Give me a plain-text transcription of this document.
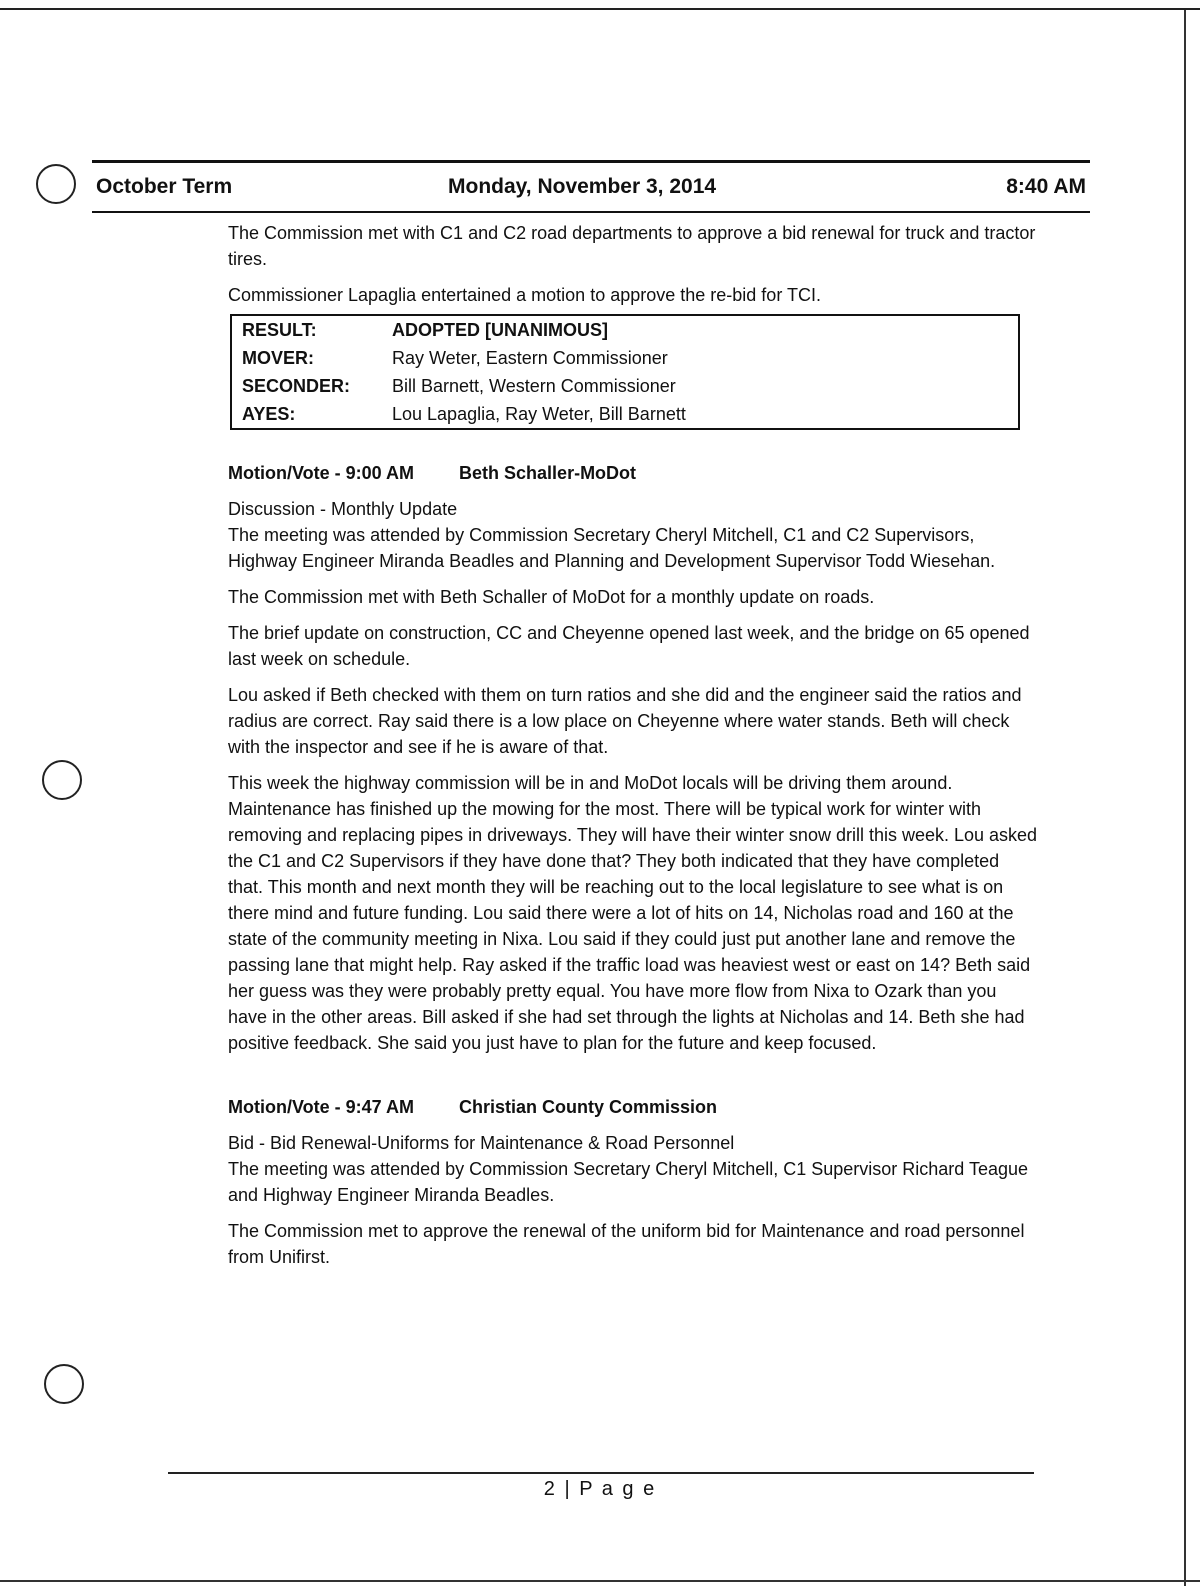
October Term	Monday, November 3, 2014	8:40 AM

The Commission met with C1 and C2 road departments to approve a bid renewal for truck and tractor tires.

Commissioner Lapaglia entertained a motion to approve the re-bid for TCI.

RESULT:	ADOPTED [UNANIMOUS]
MOVER:	Ray Weter, Eastern Commissioner
SECONDER:	Bill Barnett, Western Commissioner
AYES:	Lou Lapaglia, Ray Weter, Bill Barnett

Motion/Vote - 9:00 AM	Beth Schaller-MoDot

Discussion - Monthly Update

The meeting was attended by Commission Secretary Cheryl Mitchell, C1 and C2 Supervisors, Highway Engineer Miranda Beadles and Planning and Development Supervisor Todd Wiesehan.

The Commission met with Beth Schaller of MoDot for a monthly update on roads.

The brief update on construction, CC and Cheyenne opened last week, and the bridge on 65 opened last week on schedule.

Lou asked if Beth checked with them on turn ratios and she did and the engineer said the ratios and radius are correct. Ray said there is a low place on Cheyenne where water stands. Beth will check with the inspector and see if he is aware of that.

This week the highway commission will be in and MoDot locals will be driving them around. Maintenance has finished up the mowing for the most. There will be typical work for winter with removing and replacing pipes in driveways. They will have their winter snow drill this week. Lou asked the C1 and C2 Supervisors if they have done that? They both indicated that they have completed that. This month and next month they will be reaching out to the local legislature to see what is on there mind and future funding. Lou said there were a lot of hits on 14, Nicholas road and 160 at the state of the community meeting in Nixa. Lou said if they could just put another lane and remove the passing lane that might help. Ray asked if the traffic load was heaviest west or east on 14? Beth said her guess was they were probably pretty equal. You have more flow from Nixa to Ozark than you have in the other areas. Bill asked if she had set through the lights at Nicholas and 14. Beth she had positive feedback. She said you just have to plan for the future and keep focused.

Motion/Vote - 9:47 AM	Christian County Commission

Bid - Bid Renewal-Uniforms for Maintenance & Road Personnel

The meeting was attended by Commission Secretary Cheryl Mitchell, C1 Supervisor Richard Teague and Highway Engineer Miranda Beadles.

The Commission met to approve the renewal of the uniform bid for Maintenance and road personnel from Unifirst.

2 | P a g e
